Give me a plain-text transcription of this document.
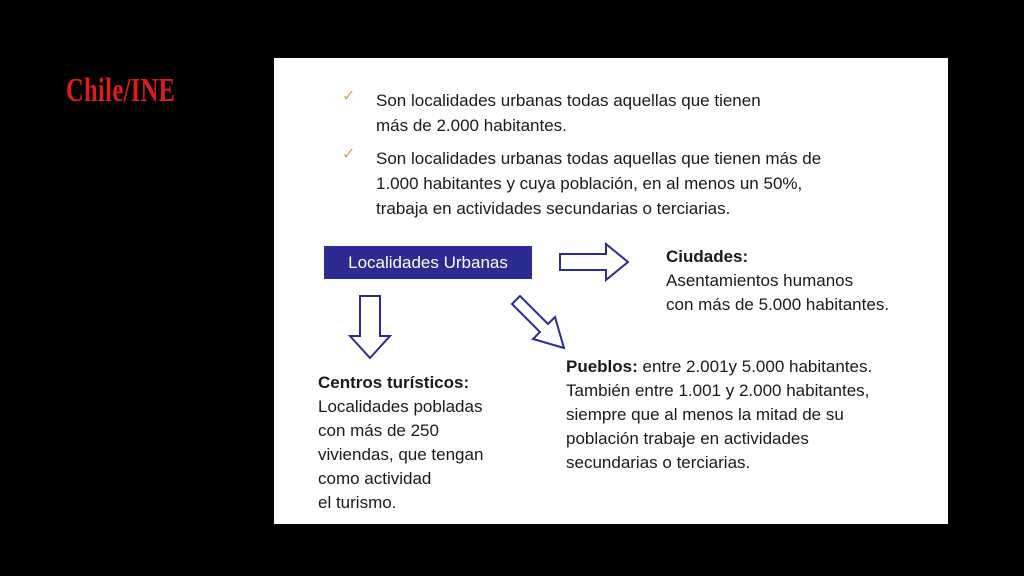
Chile/INE	✓ Son localidades urbanas todas aquellas que tienen
más de 2.000 habitantes.
✓ Son localidades urbanas todas aquellas que tienen más de
1.000 habitantes y cuya población, en al menos un 50%,
trabaja en actividades secundarias o terciarias.
Localidades Urbanas	Ciudades:
Asentamientos humanos
con más de 5.000 habitantes.
Pueblos: entre 2.001y 5.000 habitantes.
También entre 1.001 y 2.000 habitantes,
siempre que al menos la mitad de su
población trabaje en actividades
secundarias o terciarias.
Centros turísticos:
Localidades pobladas
con más de 250
viviendas, que tengan
como actividad
el turismo.
